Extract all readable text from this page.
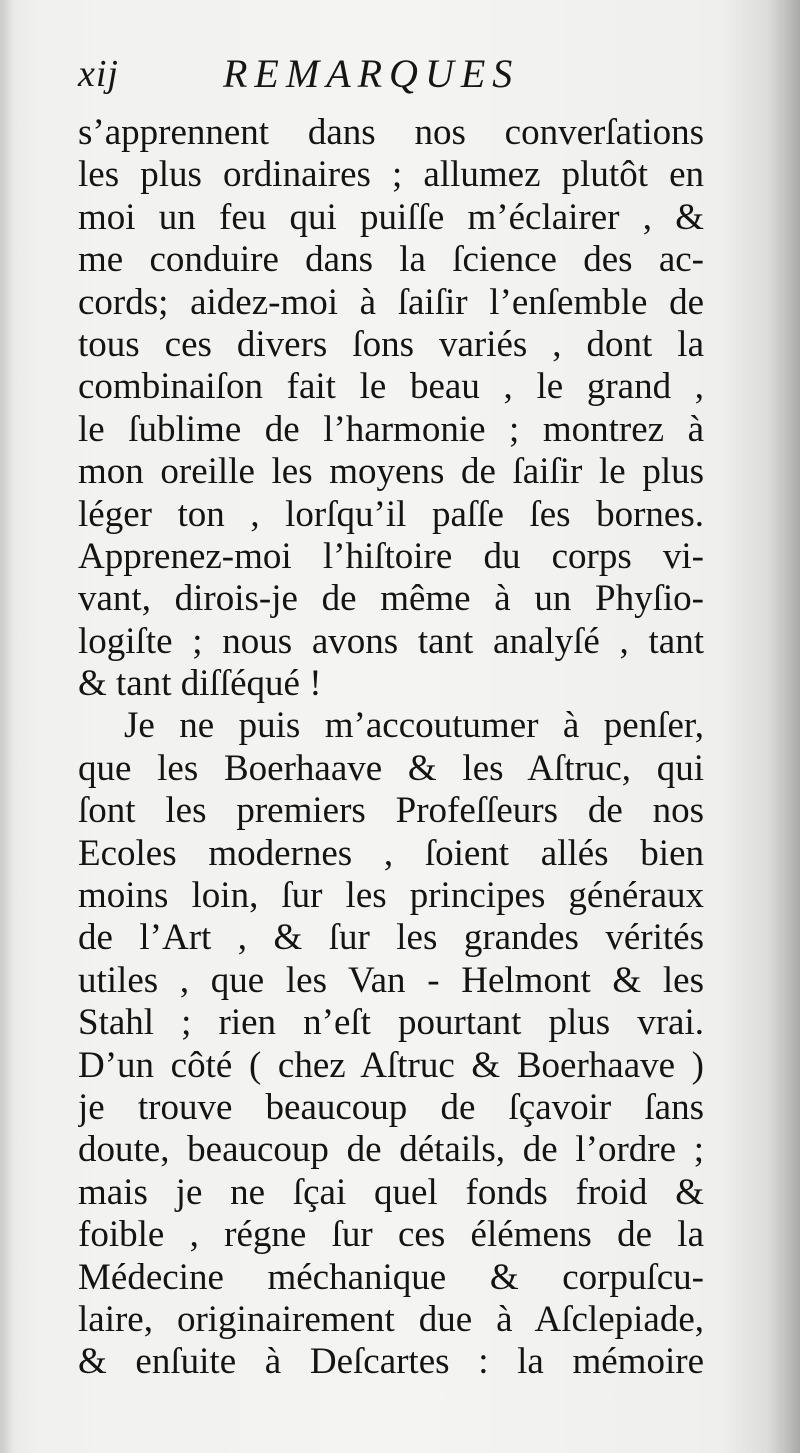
xij	REMARQUES
s’apprennent dans nos converſations
les plus ordinaires ; allumez plutôt en
moi un feu qui puiſſe m’éclairer , &
me conduire dans la ſcience des ac-
cords; aidez-moi à ſaiſir l’enſemble de
tous ces divers ſons variés , dont la
combinaiſon fait le beau , le grand ,
le ſublime de l’harmonie ; montrez à
mon oreille les moyens de ſaiſir le plus
léger ton , lorſqu’il paſſe ſes bornes.
Apprenez-moi l’hiſtoire du corps vi-
vant, dirois-je de même à un Phyſio-
logiſte ; nous avons tant analyſé , tant
& tant diſſéqué !
Je ne puis m’accoutumer à penſer,
que les Boerhaave & les Aſtruc, qui
ſont les premiers Profeſſeurs de nos
Ecoles modernes , ſoient allés bien
moins loin, ſur les principes généraux
de l’Art , & ſur les grandes vérités
utiles , que les Van - Helmont & les
Stahl ; rien n’eſt pourtant plus vrai.
D’un côté ( chez Aſtruc & Boerhaave )
je trouve beaucoup de ſçavoir ſans
doute, beaucoup de détails, de l’ordre ;
mais je ne ſçai quel fonds froid &
foible , régne ſur ces élémens de la
Médecine méchanique & corpuſcu-
laire, originairement due à Aſclepiade,
& enſuite à Deſcartes : la mémoire
